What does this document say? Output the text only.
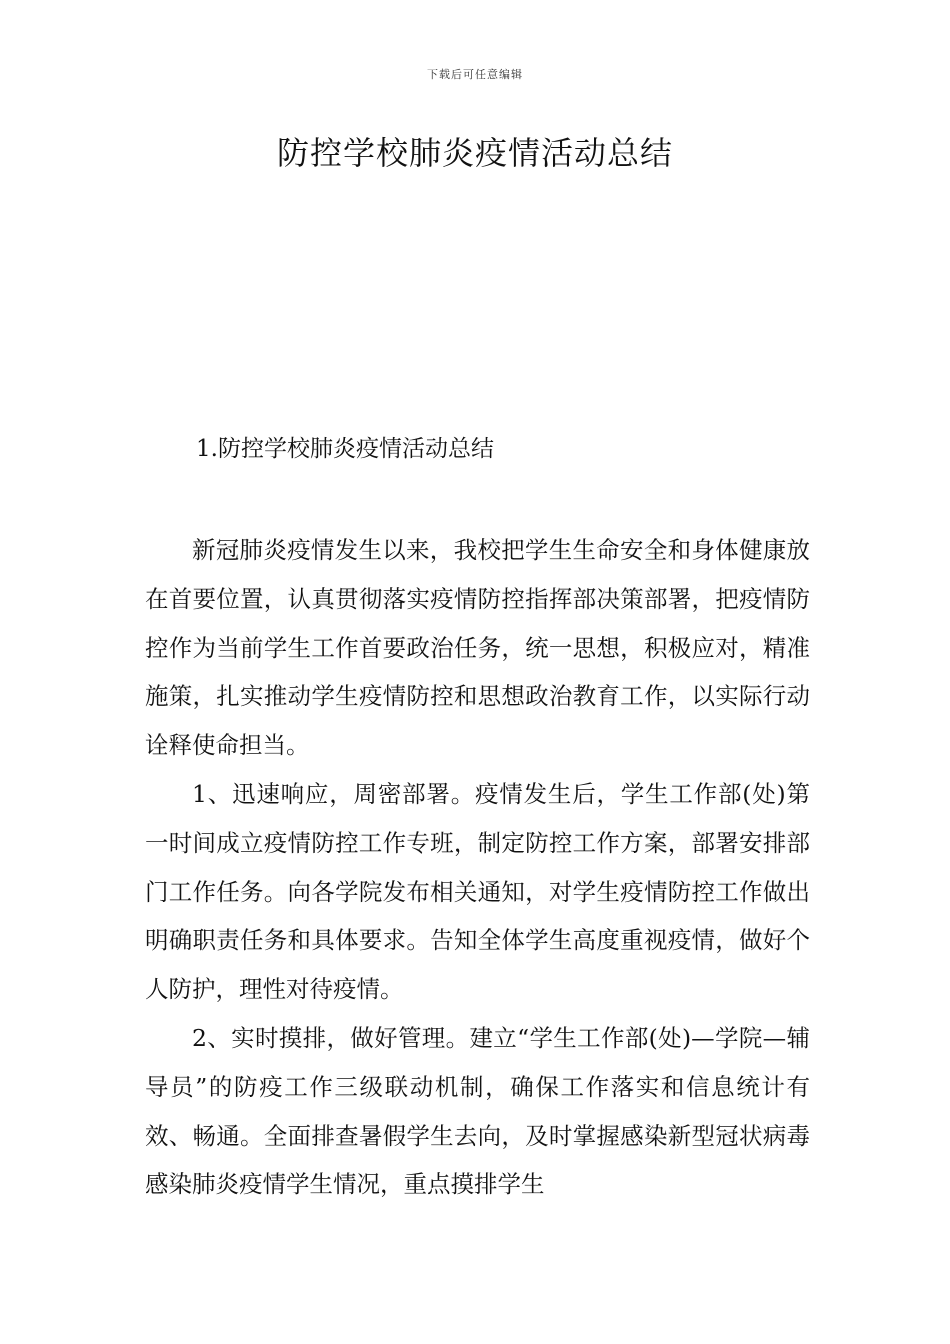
下载后可任意编辑
防控学校肺炎疫情活动总结
1.防控学校肺炎疫情活动总结

新冠肺炎疫情发生以来，我校把学生生命安全和身体健康放在首要位置，认真贯彻落实疫情防控指挥部决策部署，把疫情防控作为当前学生工作首要政治任务，统一思想，积极应对，精准施策，扎实推动学生疫情防控和思想政治教育工作，以实际行动诠释使命担当。

1、迅速响应，周密部署。疫情发生后，学生工作部(处)第一时间成立疫情防控工作专班，制定防控工作方案，部署安排部门工作任务。向各学院发布相关通知，对学生疫情防控工作做出明确职责任务和具体要求。告知全体学生高度重视疫情，做好个人防护，理性对待疫情。

2、实时摸排，做好管理。建立“学生工作部(处)—学院—辅导员”的防疫工作三级联动机制，确保工作落实和信息统计有效、畅通。全面排查暑假学生去向，及时掌握感染新型冠状病毒感染肺炎疫情学生情况，重点摸排学生
